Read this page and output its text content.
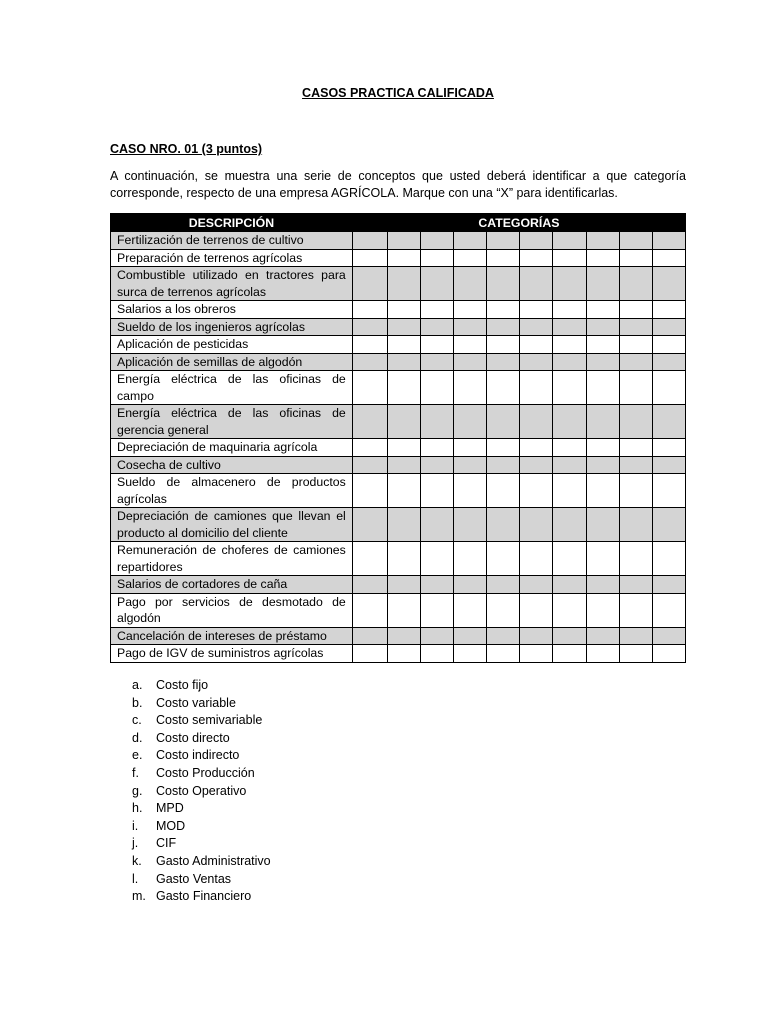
CASOS PRACTICA CALIFICADA
CASO NRO. 01 (3 puntos)
A continuación, se muestra una serie de conceptos que usted deberá identificar a que categoría corresponde, respecto de una empresa AGRÍCOLA. Marque con una “X” para identificarlas.
DESCRIPCIÓN	CATEGORÍAS									
Fertilización de terrenos de cultivo										
Preparación de terrenos agrícolas										
Combustible utilizado en tractores para surca de terrenos agrícolas										
Salarios a los obreros										
Sueldo de los ingenieros agrícolas										
Aplicación de pesticidas										
Aplicación de semillas de algodón										
Energía eléctrica de las oficinas de campo										
Energía eléctrica de las oficinas de gerencia general										
Depreciación de maquinaria agrícola										
Cosecha de cultivo										
Sueldo de almacenero de productos agrícolas										
Depreciación de camiones que llevan el producto al domicilio del cliente										
Remuneración de choferes de camiones repartidores										
Salarios de cortadores de caña										
Pago por servicios de desmotado de algodón										
Cancelación de intereses de préstamo										
Pago de IGV de suministros agrícolas										
a.	Costo fijo
b.	Costo variable
c.	Costo semivariable
d.	Costo directo
e.	Costo indirecto
f.	Costo Producción
g.	Costo Operativo
h.	MPD
i.	MOD
j.	CIF
k.	Gasto Administrativo
l.	Gasto Ventas
m. Gasto Financiero
